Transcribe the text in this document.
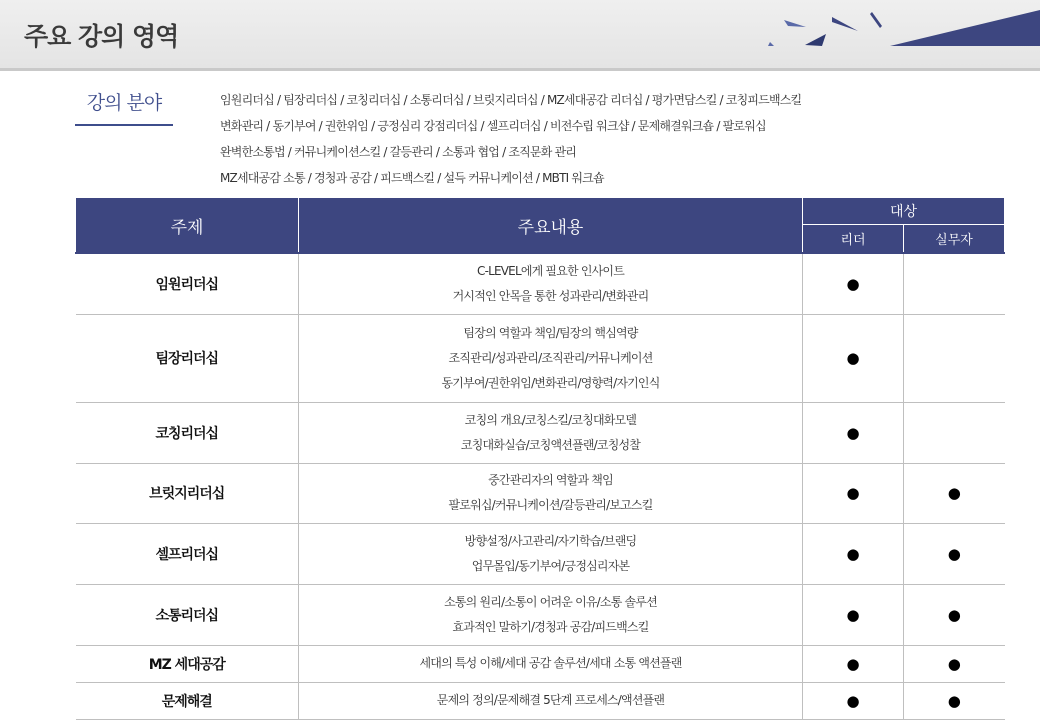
주요 강의 영역
강의 분야	임원리더십 / 팀장리더십 / 코칭리더십 / 소통리더십 / 브릿지리더십 / MZ세대공감 리더십 / 평가면담스킬 / 코칭피드백스킬
변화관리 / 동기부여 / 권한위임 / 긍정심리 강점리더십 / 셀프리더십 / 비전수립 워크샵 / 문제해결워크숍 / 팔로워십
완벽한소통법 / 커뮤니케이션스킬 / 갈등관리 / 소통과 협업 / 조직문화 관리
MZ세대공감 소통 / 경청과 공감 / 피드백스킬 / 설득 커뮤니케이션 / MBTI 워크숍
주제	주요내용	대상	
		리더	실무자
임원리더십	C-LEVEL에게 필요한 인사이트
거시적인 안목을 통한 성과관리/변화관리	●	
팀장리더십	팀장의 역할과 책임/팀장의 핵심역량
조직관리/성과관리/조직관리/커뮤니케이션
동기부여/권한위임/변화관리/영향력/자기인식	●	
코칭리더십	코칭의 개요/코칭스킬/코칭대화모델
코칭대화실습/코칭액션플랜/코칭성찰	●	
브릿지리더십	중간관리자의 역할과 책임
팔로워십/커뮤니케이션/갈등관리/보고스킬	●	●
셀프리더십	방향설정/사고관리/자기학습/브랜딩
업무몰입/동기부여/긍정심리자본	●	●
소통리더십	소통의 원리/소통이 어려운 이유/소통 솔루션
효과적인 말하기/경청과 공감/피드백스킬	●	●
MZ 세대공감	세대의 특성 이해/세대 공감 솔루션/세대 소통 액션플랜	●	●
문제해결	문제의 정의/문제해결 5단계 프로세스/액션플랜	●	●
